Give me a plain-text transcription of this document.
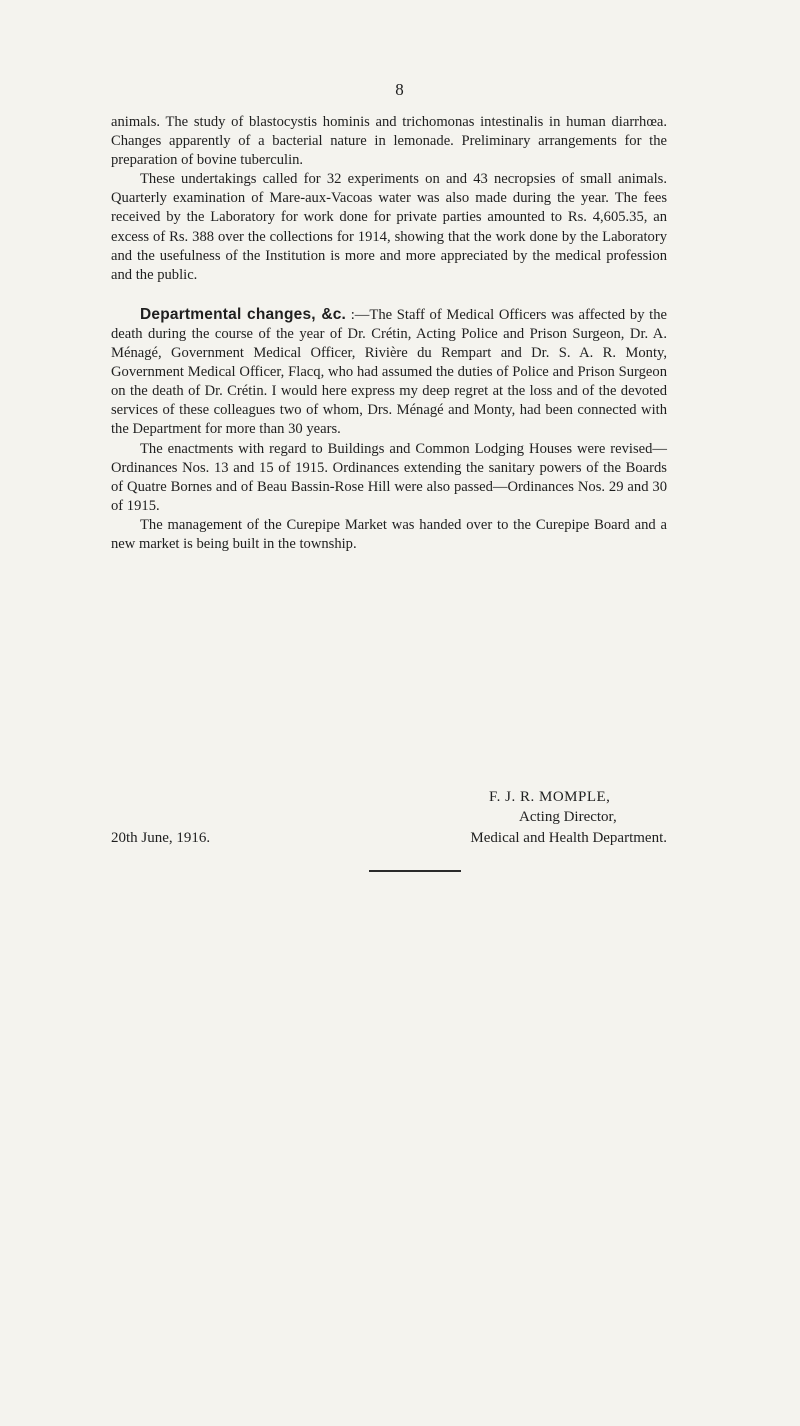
8

animals. The study of blastocystis hominis and trichomonas intestinalis in human diarrhœa. Changes apparently of a bacterial nature in lemonade. Preliminary arrangements for the preparation of bovine tuberculin.

These undertakings called for 32 experiments on and 43 necropsies of small animals. Quarterly examination of Mare-aux-Vacoas water was also made during the year. The fees received by the Laboratory for work done for private parties amounted to Rs. 4,605.35, an excess of Rs. 388 over the collections for 1914, showing that the work done by the Laboratory and the usefulness of the Institution is more and more appreciated by the medical profession and the public.

Departmental changes, &c. :—The Staff of Medical Officers was affected by the death during the course of the year of Dr. Crétin, Acting Police and Prison Surgeon, Dr. A. Ménagé, Government Medical Officer, Rivière du Rempart and Dr. S. A. R. Monty, Government Medical Officer, Flacq, who had assumed the duties of Police and Prison Surgeon on the death of Dr. Crétin. I would here express my deep regret at the loss and of the devoted services of these colleagues two of whom, Drs. Ménagé and Monty, had been connected with the Department for more than 30 years.

The enactments with regard to Buildings and Common Lodging Houses were revised—Ordinances Nos. 13 and 15 of 1915. Ordinances extending the sanitary powers of the Boards of Quatre Bornes and of Beau Bassin-Rose Hill were also passed—Ordinances Nos. 29 and 30 of 1915.

The management of the Curepipe Market was handed over to the Curepipe Board and a new market is being built in the township.

F. J. R. MOMPLE,
Acting Director,
20th June, 1916.	Medical and Health Department.
